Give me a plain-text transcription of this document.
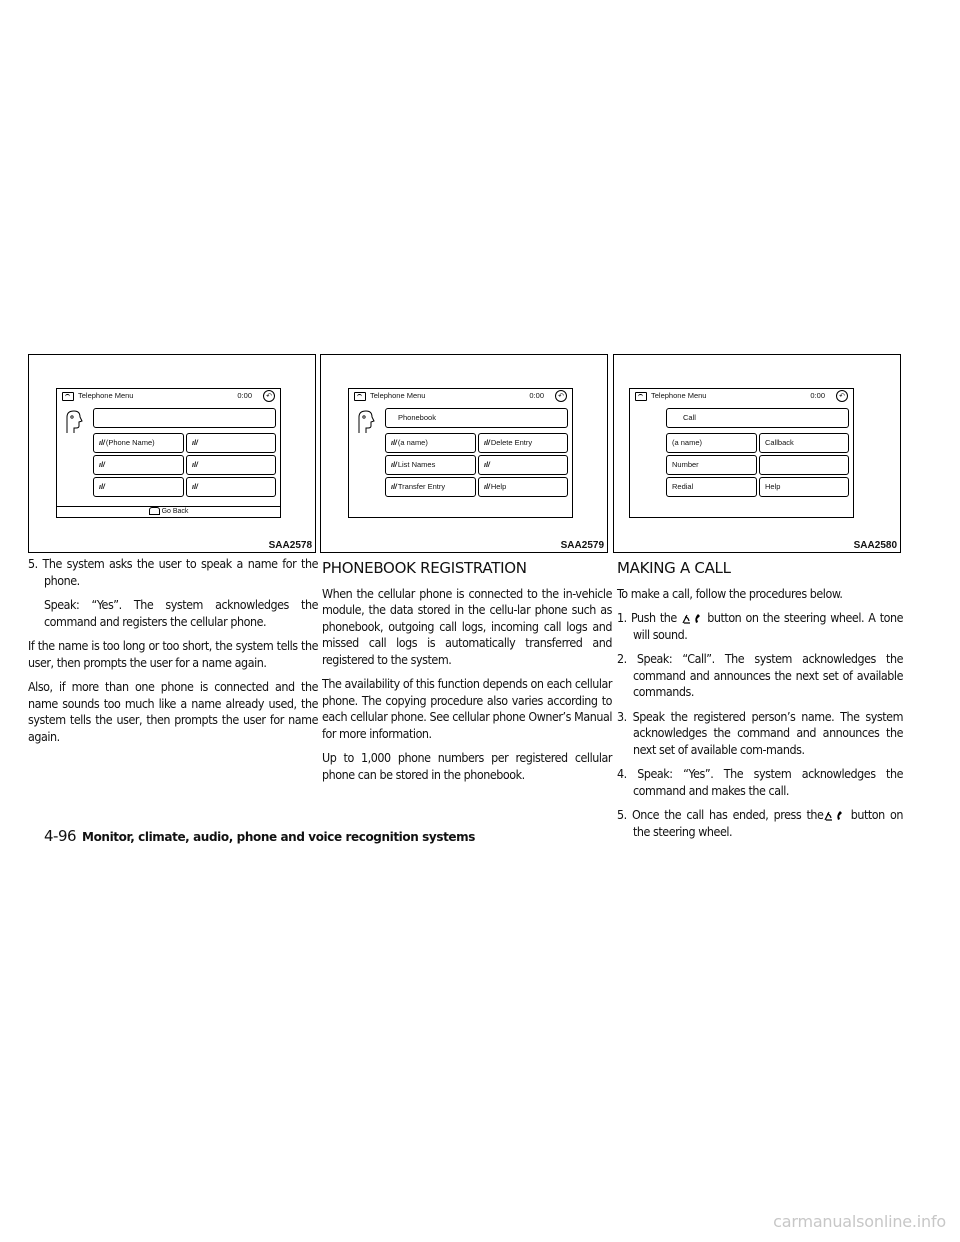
Telephone Menu	0:00	↶
ıl/(Phone Name)	ıl/
ıl/	ıl/
ıl/	ıl/
Go Back
SAA2578
Telephone Menu	0:00	↶
Phonebook
ıl/(a name)	ıl/Delete Entry
ıl/List Names	ıl/
ıl/Transfer Entry	ıl/Help
SAA2579
Telephone Menu	0:00	↶
Call
(a name)	Callback
Number
Redial	Help
SAA2580

5. The system asks the user to speak a name for the phone.

Speak: “Yes”. The system acknowledges the command and registers the cellular phone.

If the name is too long or too short, the system tells the user, then prompts the user for a name again.

Also, if more than one phone is connected and the name sounds too much like a name already used, the system tells the user, then prompts the user for name again.

PHONEBOOK REGISTRATION

When the cellular phone is connected to the in-vehicle module, the data stored in the cellu-lar phone such as phonebook, outgoing call logs, incoming call logs and missed call logs is automatically transferred and registered to the system.

The availability of this function depends on each cellular phone. The copying procedure also varies according to each cellular phone. See cellular phone Owner’s Manual for more information.

Up to 1,000 phone numbers per registered cellular phone can be stored in the phonebook.

MAKING A CALL

To make a call, follow the procedures below.

1. Push the button on the steering wheel. A tone will sound.

2. Speak: “Call”. The system acknowledges the command and announces the next set of available commands.

3. Speak the registered person’s name. The system acknowledges the command and announces the next set of available com-mands.

4. Speak: “Yes”. The system acknowledges the command and makes the call.

5. Once the call has ended, press the button on the steering wheel.

4-96 Monitor, climate, audio, phone and voice recognition systems
carmanualsonline.info
